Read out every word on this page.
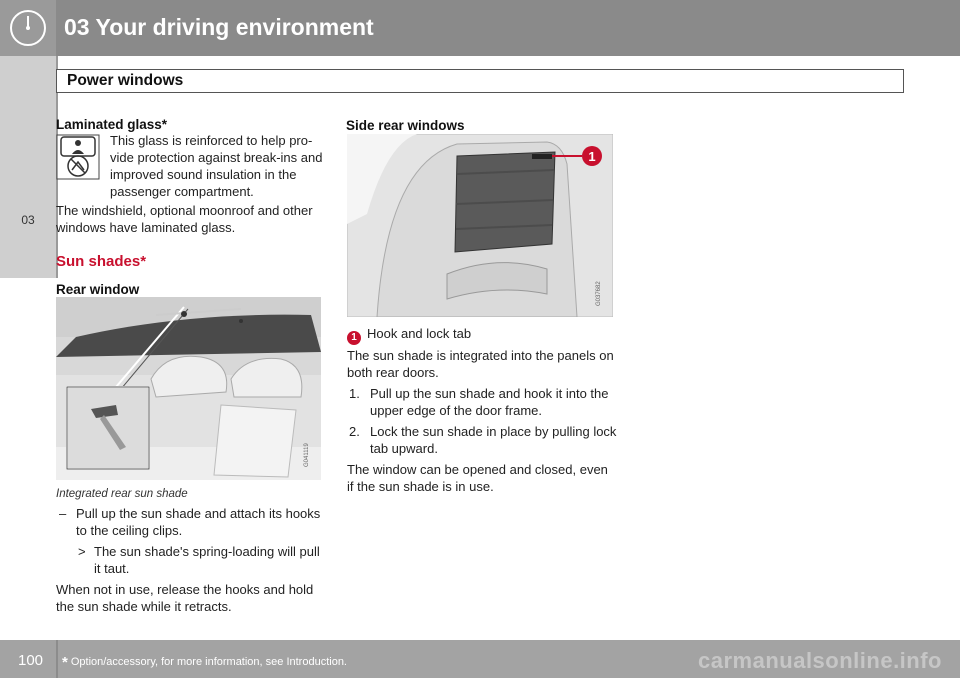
03 Your driving environment
03
Power windows
Laminated glass*
This glass is reinforced to help pro-
vide protection against break-ins and
improved sound insulation in the
passenger compartment.
The windshield, optional moonroof and other
windows have laminated glass.
Sun shades*
Rear window
G041119
Integrated rear sun shade
– Pull up the sun shade and attach its hooks
to the ceiling clips.
> The sun shade's spring-loading will pull
it taut.
When not in use, release the hooks and hold
the sun shade while it retracts.
Side rear windows
1
G037682
1 Hook and lock tab
The sun shade is integrated into the panels on
both rear doors.
1. Pull up the sun shade and hook it into the
upper edge of the door frame.
2. Lock the sun shade in place by pulling lock
tab upward.
The window can be opened and closed, even
if the sun shade is in use.
100 * Option/accessory, for more information, see Introduction.	carmanualsonline.info
